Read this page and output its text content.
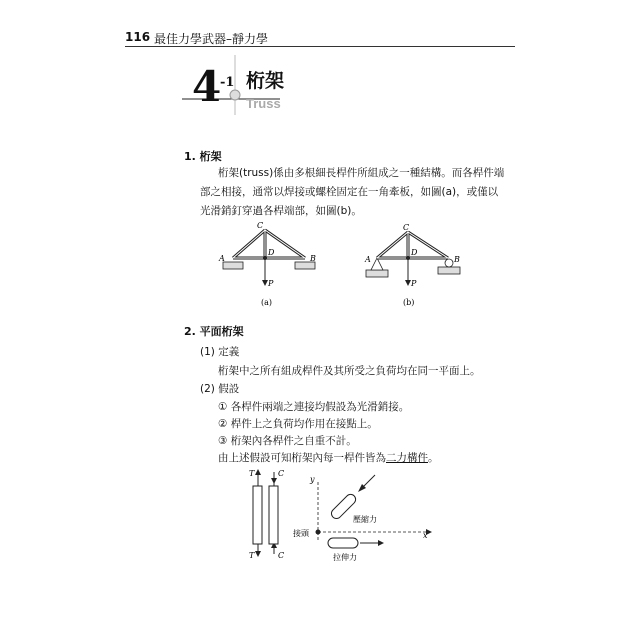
116 最佳力學武器–靜力學
4 -1 桁架
Truss
1. 桁架
桁架(truss)係由多根細長桿件所組成之一種結構。而各桿件端
部之相接，通常以焊接或螺栓固定在一角牽板，如圖(a)，或僅以
光滑銷釘穿過各桿端部，如圖(b)。
C
A	B
D
P
(a)
C
A	B
D
P
(b)
2. 平面桁架
(1) 定義
桁架中之所有組成桿件及其所受之負荷均在同一平面上。
(2) 假設
① 各桿件兩端之連接均假設為光滑銷接。
② 桿件上之負荷均作用在接點上。
③ 桁架內各桿件之自重不計。
由上述假設可知桁架內每一桿件皆為二力構件。
T
T
C
C
y
x
接頭
壓縮力
拉伸力
